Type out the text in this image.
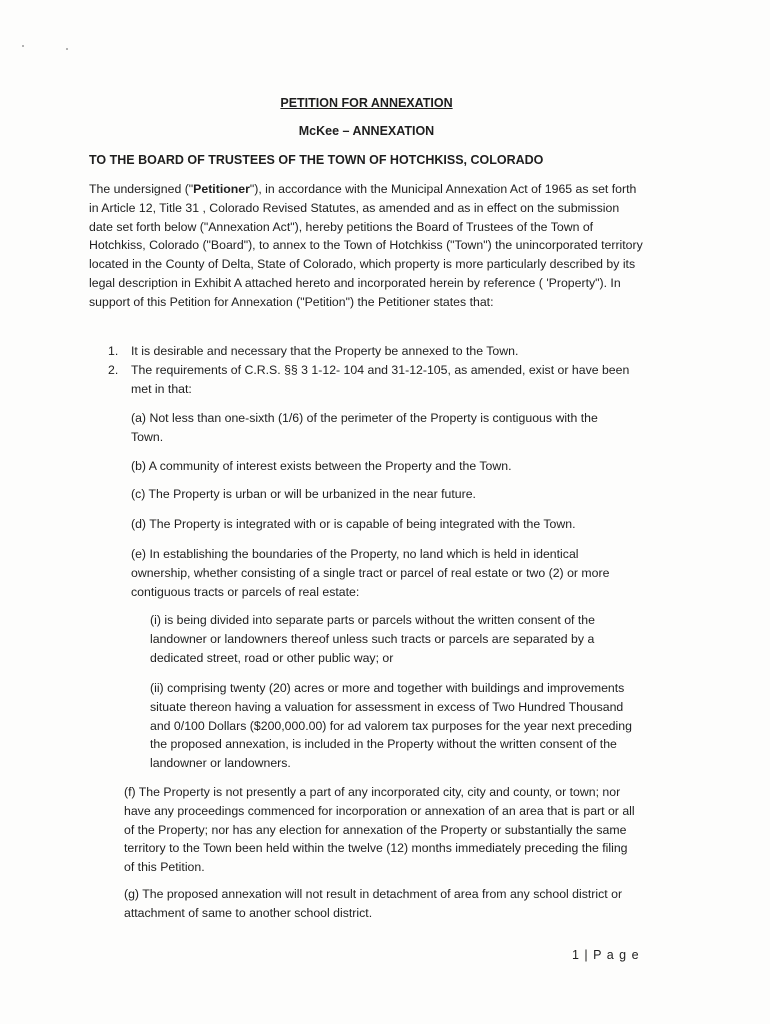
PETITION FOR ANNEXATION
McKee – ANNEXATION
TO THE BOARD OF TRUSTEES OF THE TOWN OF HOTCHKISS, COLORADO

The undersigned ("Petitioner"), in accordance with the Municipal Annexation Act of 1965 as set forth in Article 12, Title 31 , Colorado Revised Statutes, as amended and as in effect on the submission date set forth below ("Annexation Act"), hereby petitions the Board of Trustees of the Town of Hotchkiss, Colorado ("Board"), to annex to the Town of Hotchkiss ("Town") the unincorporated territory located in the County of Delta, State of Colorado, which property is more particularly described by its legal description in Exhibit A attached hereto and incorporated herein by reference ( 'Property"). In support of this Petition for Annexation ("Petition") the Petitioner states that:

1. It is desirable and necessary that the Property be annexed to the Town.

2. The requirements of C.R.S. §§ 3 1-12- 104 and 31-12-105, as amended, exist or have been met in that:

(a) Not less than one-sixth (1/6) of the perimeter of the Property is contiguous with the Town.

(b) A community of interest exists between the Property and the Town.

(c) The Property is urban or will be urbanized in the near future.

(d) The Property is integrated with or is capable of being integrated with the Town.

(e) In establishing the boundaries of the Property, no land which is held in identical ownership, whether consisting of a single tract or parcel of real estate or two (2) or more contiguous tracts or parcels of real estate:

(i) is being divided into separate parts or parcels without the written consent of the landowner or landowners thereof unless such tracts or parcels are separated by a dedicated street, road or other public way; or

(ii) comprising twenty (20) acres or more and together with buildings and improvements situate thereon having a valuation for assessment in excess of Two Hundred Thousand and 0/100 Dollars ($200,000.00) for ad valorem tax purposes for the year next preceding the proposed annexation, is included in the Property without the written consent of the landowner or landowners.

(f) The Property is not presently a part of any incorporated city, city and county, or town; nor have any proceedings commenced for incorporation or annexation of an area that is part or all of the Property; nor has any election for annexation of the Property or substantially the same territory to the Town been held within the twelve (12) months immediately preceding the filing of this Petition.

(g) The proposed annexation will not result in detachment of area from any school district or attachment of same to another school district.

1 | P a g e
